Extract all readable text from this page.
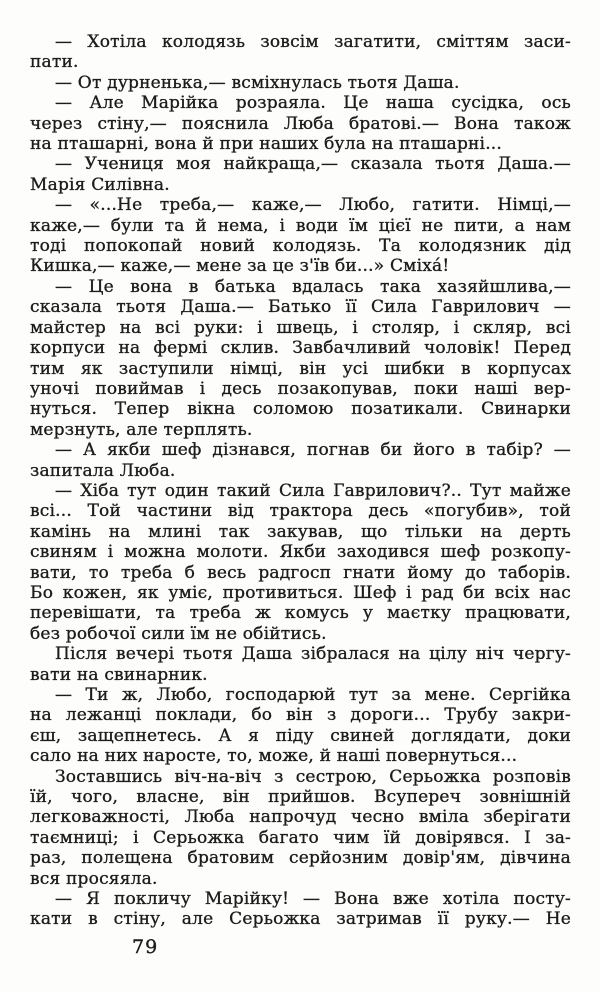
— Хотіла колодязь зовсім загатити, сміттям заси-
пати.
— От дурненька,— всміхнулась тьотя Даша.
— Але Марійка розраяла. Це наша сусідка, ось
через стіну,— пояснила Люба братові.— Вона також
на пташарні, вона й при наших була на пташарні...
— Учениця моя найкраща,— сказала тьотя Даша.—
Марія Силівна.
— «...Не треба,— каже,— Любо, гатити. Німці,—
каже,— були та й нема, і води їм цієї не пити, а нам
тоді попокопай новий колодязь. Та колодязник дід
Кишка,— каже,— мене за це з'їв би...» Сміха́!
— Це вона в батька вдалась така хазяйшлива,—
сказала тьотя Даша.— Батько її Сила Гаврилович —
майстер на всі руки: і швець, і столяр, і скляр, всі
корпуси на фермі склив. Завбачливий чоловік! Перед
тим як заступили німці, він усі шибки в корпусах
уночі повиймав і десь позакопував, поки наші вер-
нуться. Тепер вікна соломою позатикали. Свинарки
мерзнуть, але терплять.
— А якби шеф дізнався, погнав би його в табір? —
запитала Люба.
— Хіба тут один такий Сила Гаврилович?.. Тут майже
всі... Той частини від трактора десь «погубив», той
камінь на млині так закував, що тільки на дерть
свиням і можна молоти. Якби заходився шеф розкопу-
вати, то треба б весь радгосп гнати йому до таборів.
Бо кожен, як уміє, противиться. Шеф і рад би всіх нас
перевішати, та треба ж комусь у маєтку працювати,
без робочої сили їм не обійтись.
Після вечері тьотя Даша зібралася на цілу ніч чергу-
вати на свинарник.
— Ти ж, Любо, господарюй тут за мене. Сергійка
на лежанці поклади, бо він з дороги... Трубу закри-
єш, защепнетесь. А я піду свиней доглядати, доки
сало на них наросте, то, може, й наші повернуться...
Зоставшись віч-на-віч з сестрою, Серьожка розповів
їй, чого, власне, він прийшов. Всупереч зовнішній
легковажності, Люба напрочуд чесно вміла зберігати
таємниці; і Серьожка багато чим їй довірявся. І за-
раз, полещена братовим серйозним довір'ям, дівчина
вся просяяла.
— Я покличу Марійку! — Вона вже хотіла посту-
кати в стіну, але Серьожка затримав її руку.— Не
79
